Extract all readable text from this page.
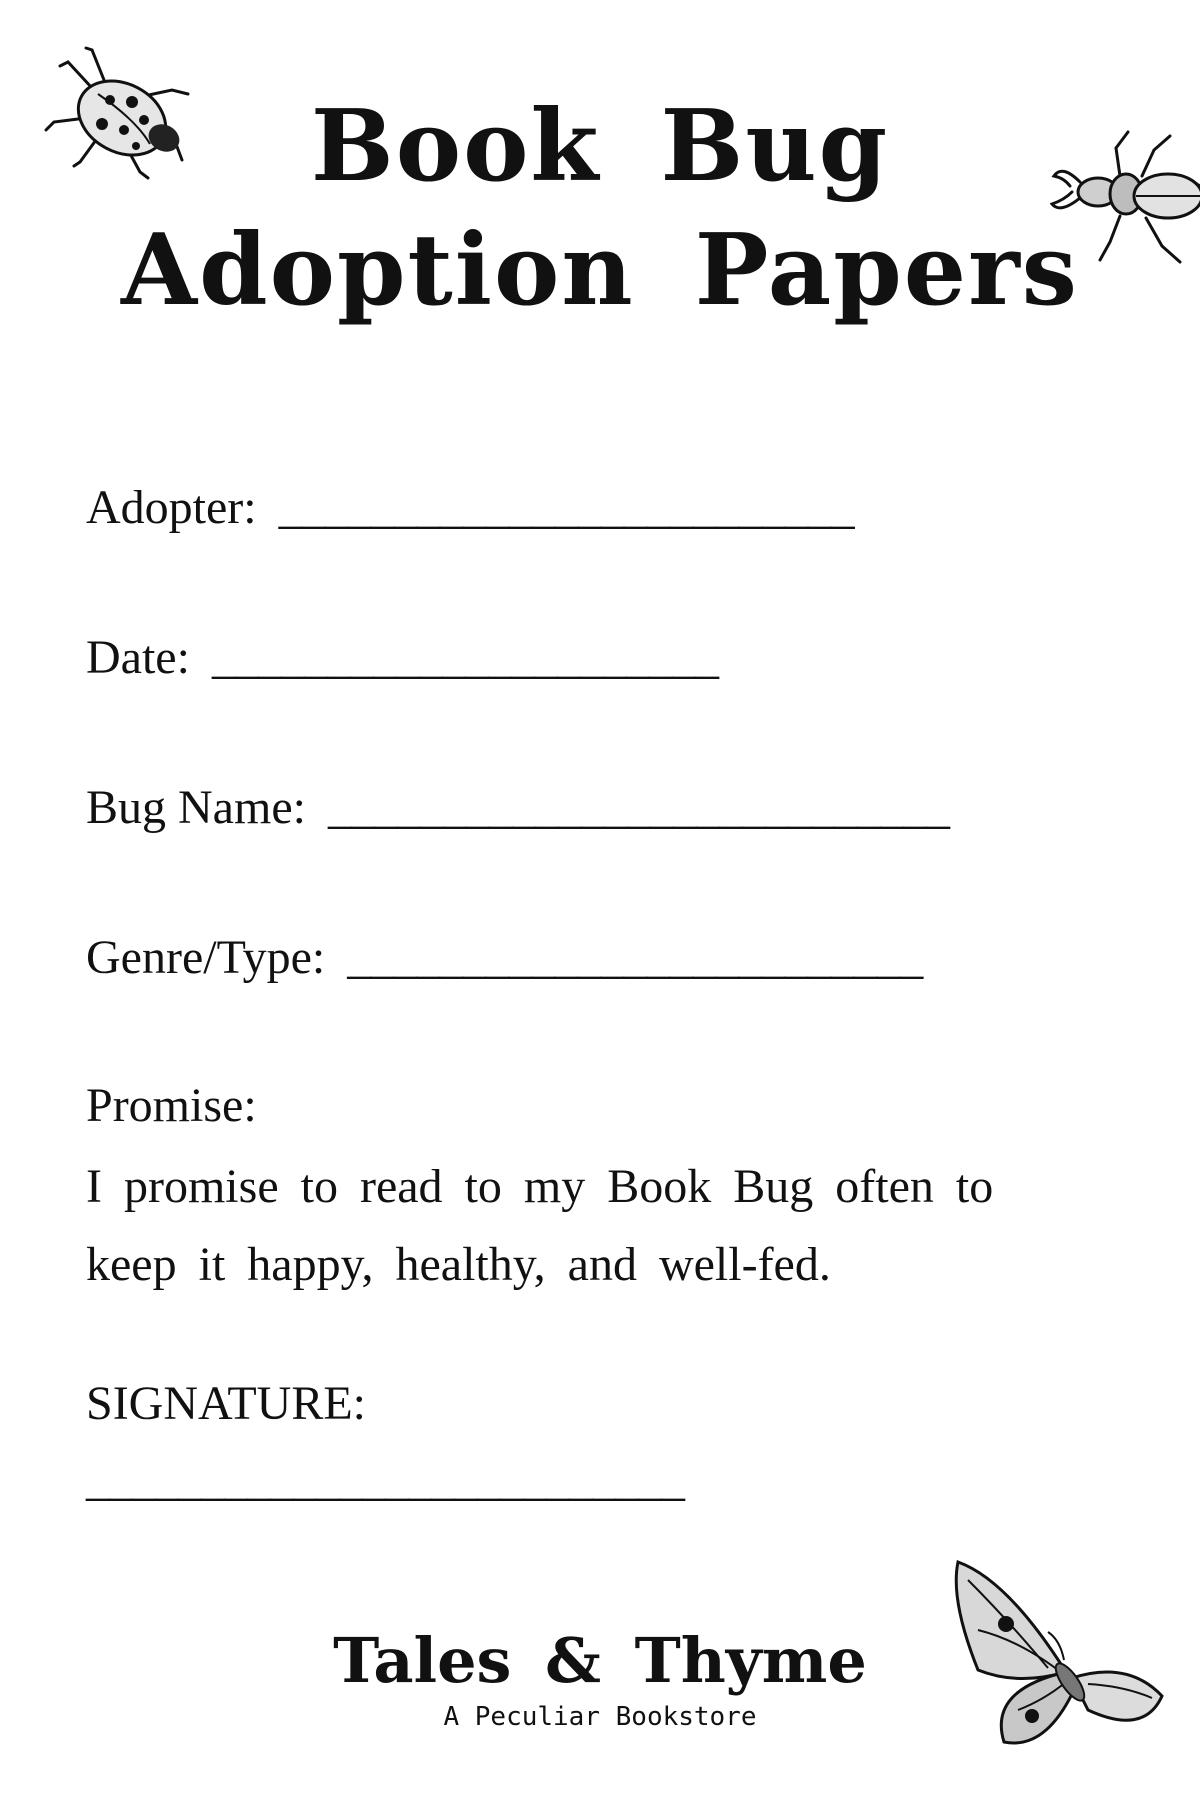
Book Bug
Adoption Papers
Adopter: _________________________
Date: ______________________
Bug Name: ___________________________
Genre/Type: _________________________
Promise:
I promise to read to my Book Bug often to keep it happy, healthy, and well-fed.
SIGNATURE:
__________________________
Tales & Thyme
A Peculiar Bookstore
